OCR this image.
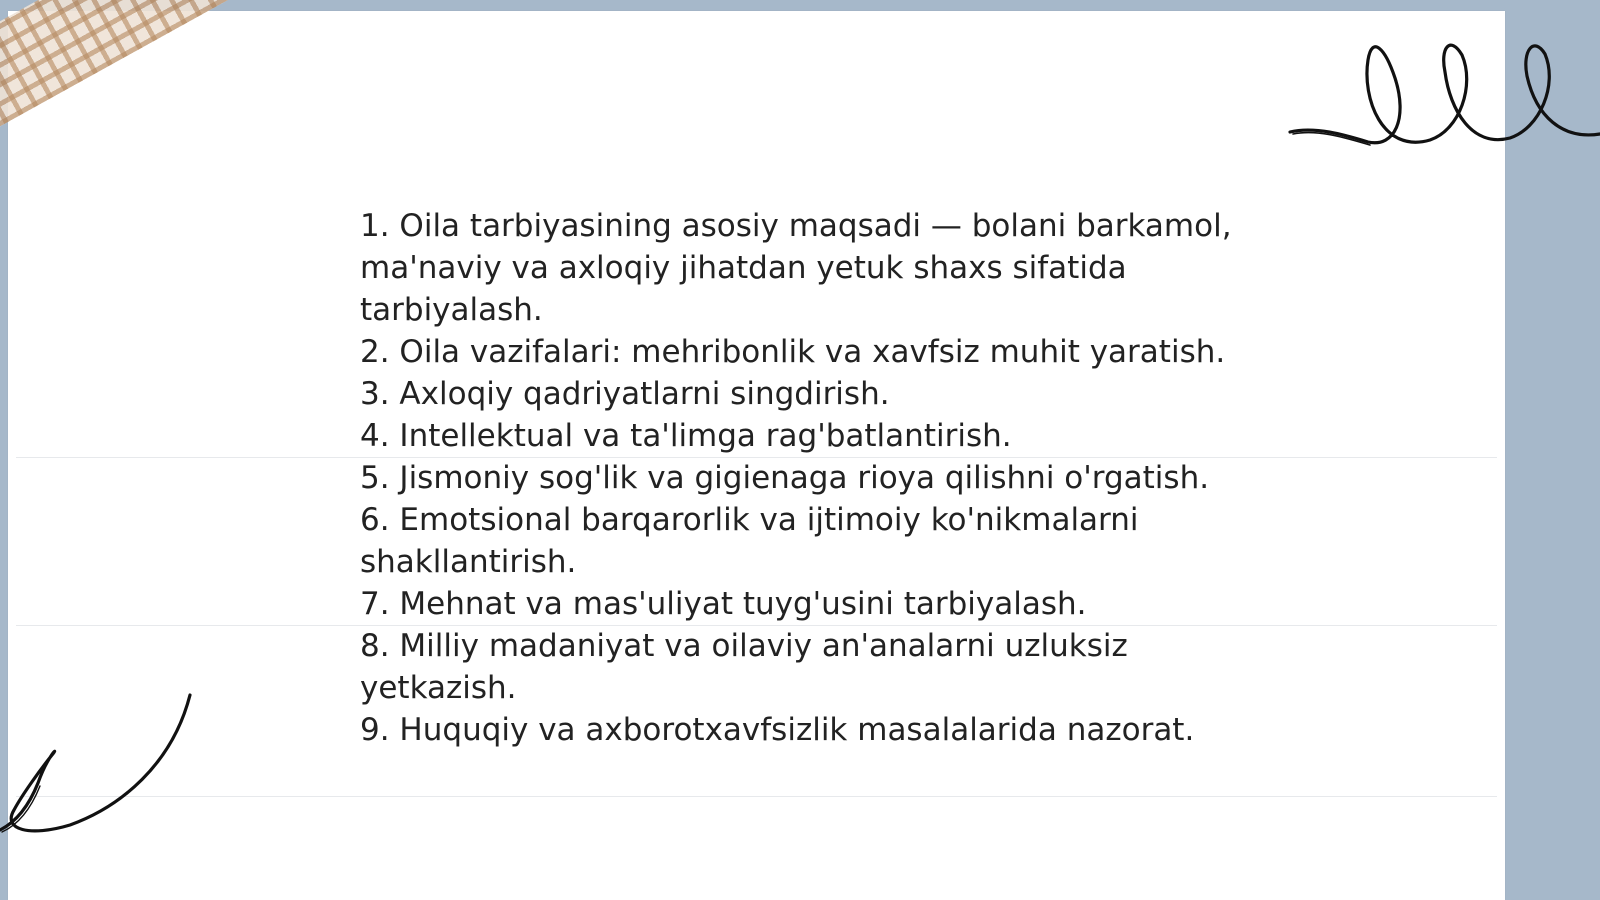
1. Oila tarbiyasining asosiy maqsadi — bolani barkamol, ma'naviy va axloqiy jihatdan yetuk shaxs sifatida tarbiyalash.
2. Oila vazifalari: mehribonlik va xavfsiz muhit yaratish.
3. Axloqiy qadriyatlarni singdirish.
4. Intellektual va ta'limga rag'batlantirish.
5. Jismoniy sog'lik va gigienaga rioya qilishni o'rgatish.
6. Emotsional barqarorlik va ijtimoiy ko'nikmalarni shakllantirish.
7. Mehnat va mas'uliyat tuyg'usini tarbiyalash.
8. Milliy madaniyat va oilaviy an'analarni uzluksiz yetkazish.
9. Huquqiy va axborotxavfsizlik masalalarida nazorat.
